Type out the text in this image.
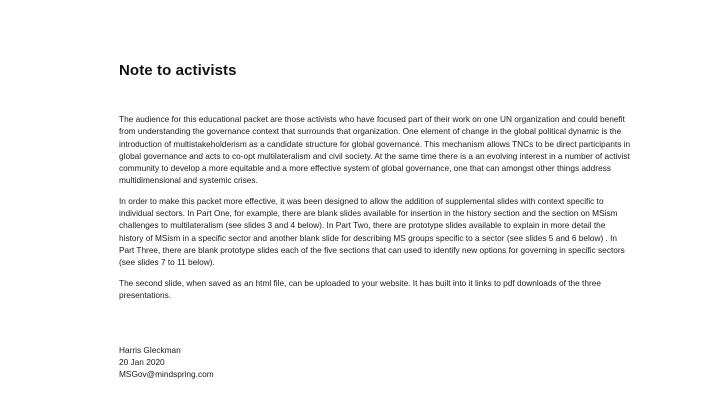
Note to activists

The audience for this educational packet are those activists who have focused part of their work on one UN organization and could benefit from understanding the governance context that surrounds that organization. One element of change in the global political dynamic is the introduction of multistakeholderism as a candidate structure for global governance. This mechanism allows TNCs to be direct participants in global governance and acts to co-opt multilateralism and civil society. At the same time there is a an evolving interest in a number of activist community to develop a more equitable and a more effective system of global governance, one that can amongst other things address multidimensional and systemic crises.

In order to make this packet more effective, it was been designed to allow the addition of supplemental slides with context specific to individual sectors. In Part One, for example, there are blank slides available for insertion in the history section and the section on MSism challenges to multilateralism (see slides 3 and 4 below). In Part Two, there are prototype slides available to explain in more detail the history of MSism in a specific sector and another blank slide for describing MS groups specific to a sector (see slides 5 and 6 below) . In Part Three, there are blank prototype slides each of the five sections that can used to identify new options for governing in specific sectors (see slides 7 to 11 below).

The second slide, when saved as an html file, can be uploaded to your website. It has built into it links to pdf downloads of the three presentations.

Harris Gleckman
20 Jan 2020
MSGov@mindspring.com
